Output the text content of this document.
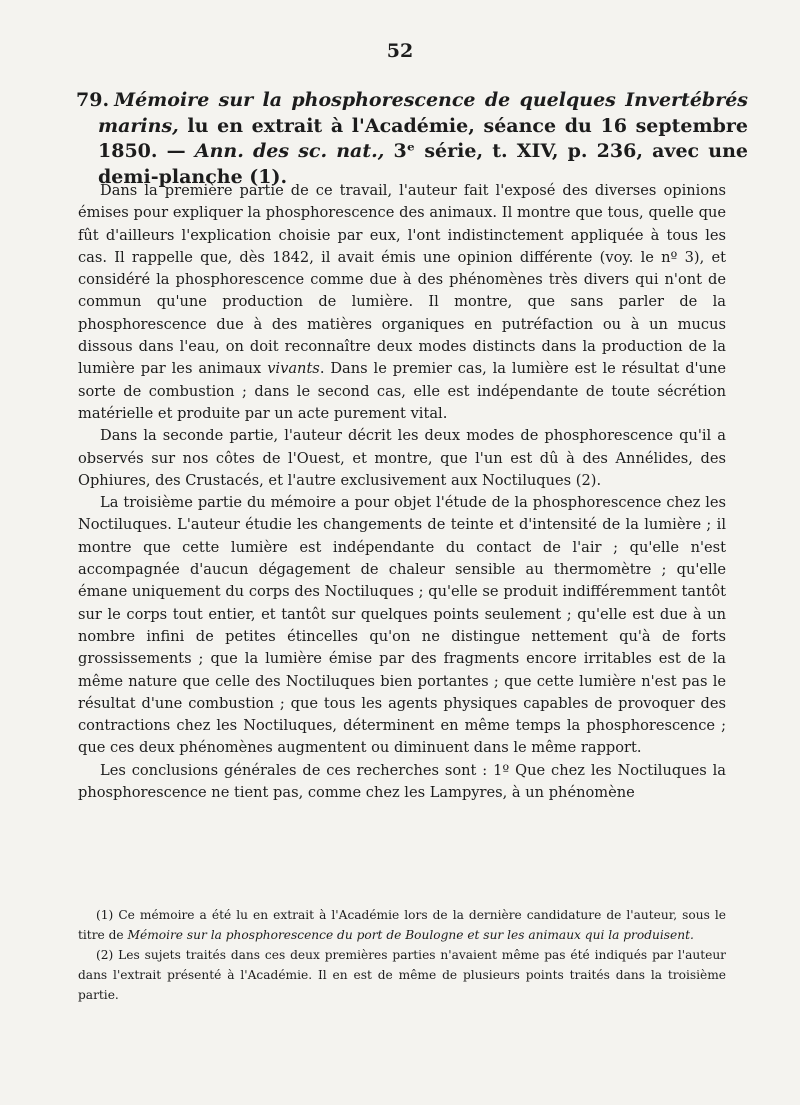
52
79. Mémoire sur la phosphorescence de quelques Invertébrés marins, lu en extrait à l'Académie, séance du 16 septembre 1850. — Ann. des sc. nat., 3ᵉ série, t. XIV, p. 236, avec une demi-planche (1).

Dans la première partie de ce travail, l'auteur fait l'exposé des diverses opinions émises pour expliquer la phosphorescence des animaux. Il montre que tous, quelle que fût d'ailleurs l'explication choisie par eux, l'ont indistinctement appliquée à tous les cas. Il rappelle que, dès 1842, il avait émis une opinion différente (voy. le nº 3), et considéré la phosphorescence comme due à des phénomènes très divers qui n'ont de commun qu'une production de lumière. Il montre, que sans parler de la phosphorescence due à des matières organiques en putréfaction ou à un mucus dissous dans l'eau, on doit reconnaître deux modes distincts dans la production de la lumière par les animaux vivants. Dans le premier cas, la lumière est le résultat d'une sorte de combustion ; dans le second cas, elle est indépendante de toute sécrétion matérielle et produite par un acte purement vital.

Dans la seconde partie, l'auteur décrit les deux modes de phosphorescence qu'il a observés sur nos côtes de l'Ouest, et montre, que l'un est dû à des Annélides, des Ophiures, des Crustacés, et l'autre exclusivement aux Noctiluques (2).

La troisième partie du mémoire a pour objet l'étude de la phosphorescence chez les Noctiluques. L'auteur étudie les changements de teinte et d'intensité de la lumière ; il montre que cette lumière est indépendante du contact de l'air ; qu'elle n'est accompagnée d'aucun dégagement de chaleur sensible au thermomètre ; qu'elle émane uniquement du corps des Noctiluques ; qu'elle se produit indifféremment tantôt sur le corps tout entier, et tantôt sur quelques points seulement ; qu'elle est due à un nombre infini de petites étincelles qu'on ne distingue nettement qu'à de forts grossissements ; que la lumière émise par des fragments encore irritables est de la même nature que celle des Noctiluques bien portantes ; que cette lumière n'est pas le résultat d'une combustion ; que tous les agents physiques capables de provoquer des contractions chez les Noctiluques, déterminent en même temps la phosphorescence ; que ces deux phénomènes augmentent ou diminuent dans le même rapport.

Les conclusions générales de ces recherches sont : 1º Que chez les Noctiluques la phosphorescence ne tient pas, comme chez les Lampyres, à un phénomène

(1) Ce mémoire a été lu en extrait à l'Académie lors de la dernière candidature de l'auteur, sous le titre de Mémoire sur la phosphorescence du port de Boulogne et sur les animaux qui la produisent.

(2) Les sujets traités dans ces deux premières parties n'avaient même pas été indiqués par l'auteur dans l'extrait présenté à l'Académie. Il en est de même de plusieurs points traités dans la troisième partie.
